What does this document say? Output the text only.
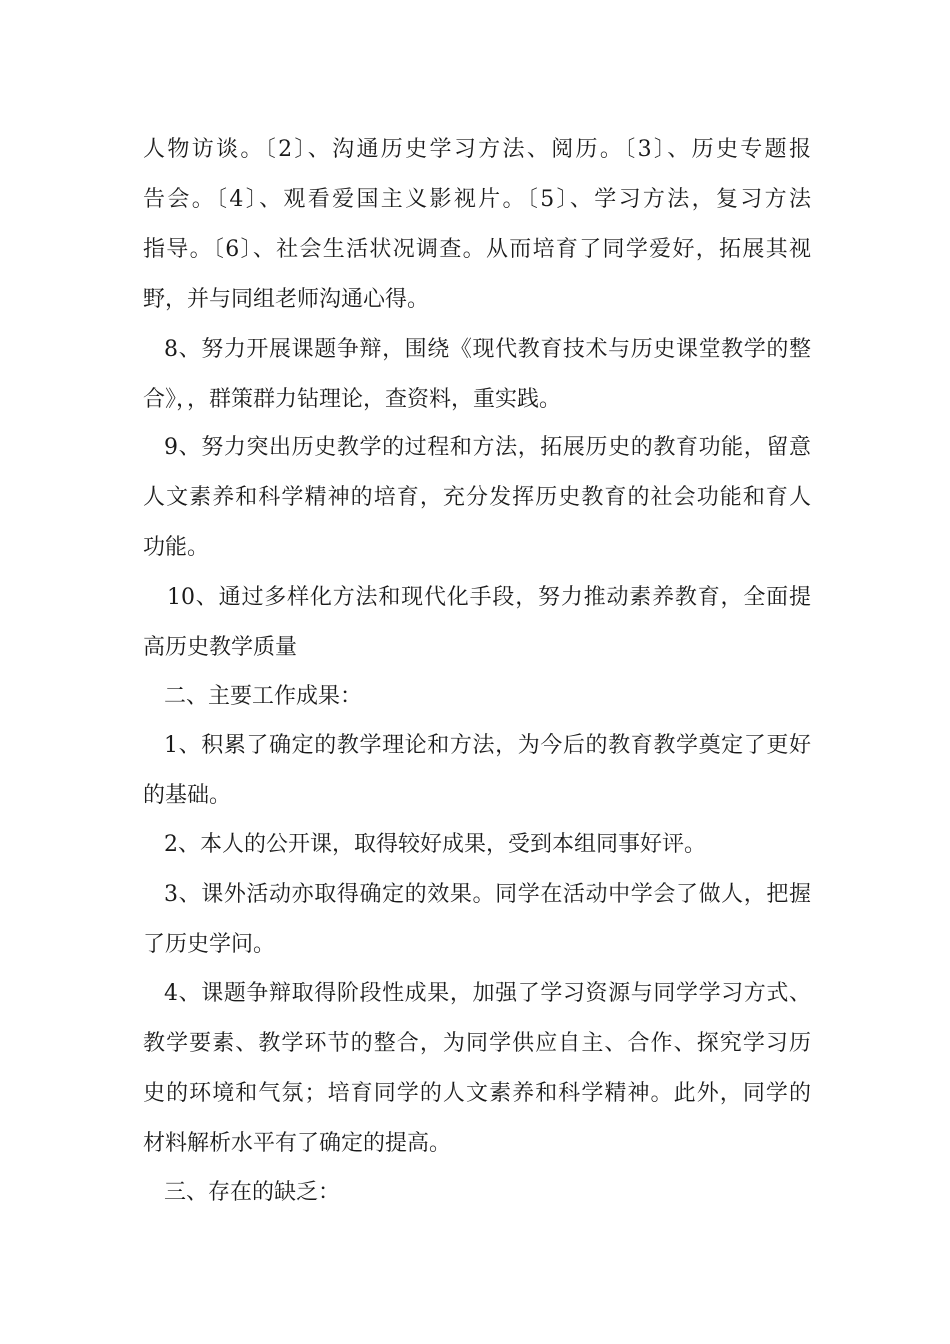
人物访谈。〔2〕、沟通历史学习方法、阅历。〔3〕、历史专题报
告会。〔4〕、观看爱国主义影视片。〔5〕、学习方法，复习方法
指导。〔6〕、社会生活状况调查。从而培育了同学爱好，拓展其视
野，并与同组老师沟通心得。
8、努力开展课题争辩，围绕《现代教育技术与历史课堂教学的整
合》，，群策群力钻理论，查资料，重实践。
9、努力突出历史教学的过程和方法，拓展历史的教育功能，留意
人文素养和科学精神的培育，充分发挥历史教育的社会功能和育人
功能。
10、通过多样化方法和现代化手段，努力推动素养教育，全面提
高历史教学质量
二、主要工作成果：
1、积累了确定的教学理论和方法，为今后的教育教学奠定了更好
的基础。
2、本人的公开课，取得较好成果，受到本组同事好评。
3、课外活动亦取得确定的效果。同学在活动中学会了做人，把握
了历史学问。
4、课题争辩取得阶段性成果，加强了学习资源与同学学习方式、
教学要素、教学环节的整合，为同学供应自主、合作、探究学习历
史的环境和气氛；培育同学的人文素养和科学精神。此外，同学的
材料解析水平有了确定的提高。
三、存在的缺乏：
